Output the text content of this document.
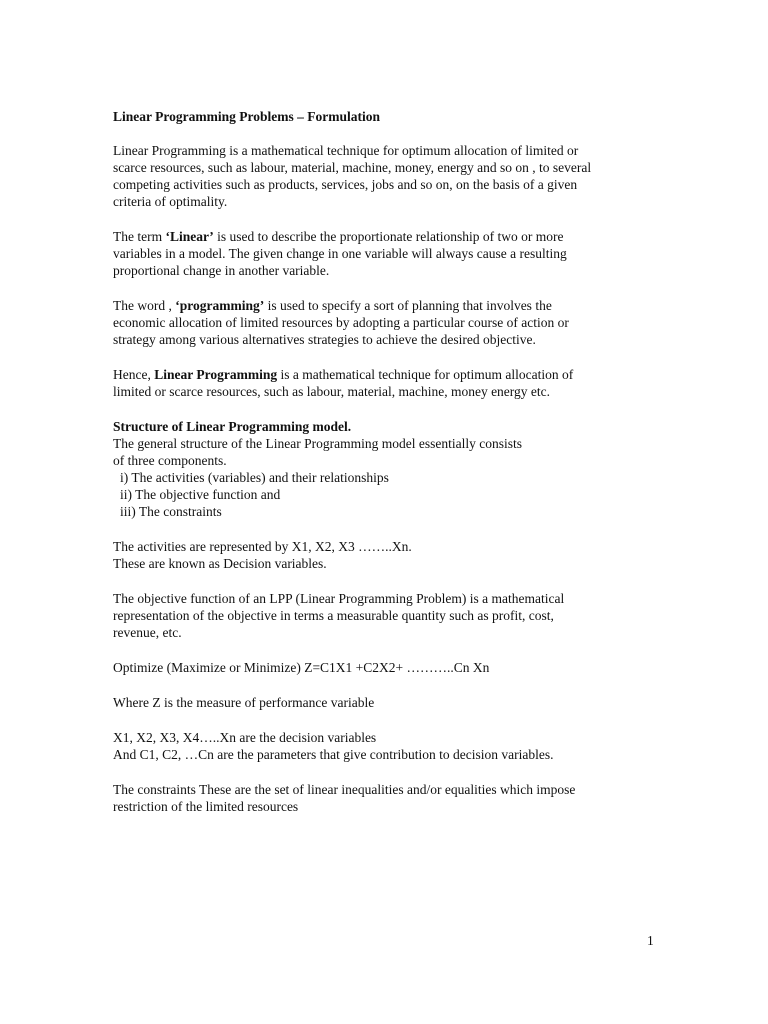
Linear Programming Problems – Formulation

Linear Programming is a mathematical technique for optimum allocation of limited or

scarce resources, such as labour, material, machine, money, energy and so on , to several

competing activities such as products, services, jobs and so on, on the basis of a given

criteria of optimality.

The term ‘Linear’ is used to describe the proportionate relationship of two or more

variables in a model. The given change in one variable will always cause a resulting

proportional change in another variable.

The word , ‘programming’ is used to specify a sort of planning that involves the

economic allocation of limited resources by adopting a particular course of action or

strategy among various alternatives strategies to achieve the desired objective.

Hence, Linear Programming is a mathematical technique for optimum allocation of

limited or scarce resources, such as labour, material, machine, money energy etc.

Structure of Linear Programming model.

The general structure of the Linear Programming model essentially consists

of three components.

i) The activities (variables) and their relationships

ii) The objective function and

iii) The constraints

The activities are represented by X1, X2, X3 ……..Xn.

These are known as Decision variables.

The objective function of an LPP (Linear Programming Problem) is a mathematical

representation of the objective in terms a measurable quantity such as profit, cost,

revenue, etc.

Optimize (Maximize or Minimize) Z=C1X1 +C2X2+ ………..Cn Xn

Where Z is the measure of performance variable

X1, X2, X3, X4…..Xn are the decision variables

And C1, C2, …Cn are the parameters that give contribution to decision variables.

The constraints These are the set of linear inequalities and/or equalities which impose

restriction of the limited resources

1
